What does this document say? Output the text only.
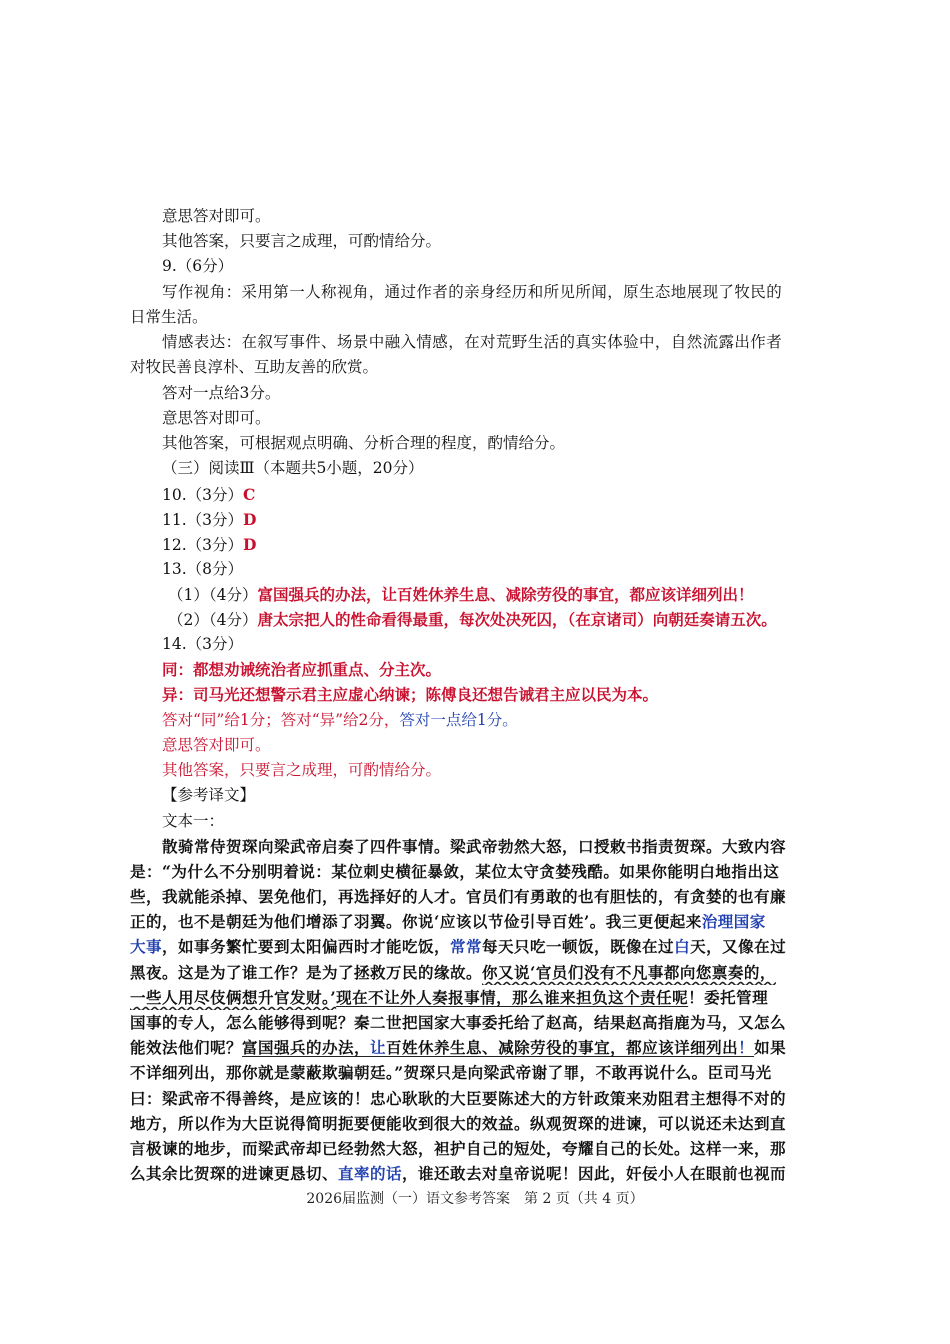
意思答对即可。
其他答案，只要言之成理，可酌情给分。
9.（6分）
写作视角：采用第一人称视角，通过作者的亲身经历和所见所闻，原生态地展现了牧民的
日常生活。
情感表达：在叙写事件、场景中融入情感，在对荒野生活的真实体验中，自然流露出作者
对牧民善良淳朴、互助友善的欣赏。
答对一点给3分。
意思答对即可。
其他答案，可根据观点明确、分析合理的程度，酌情给分。
（三）阅读Ⅲ（本题共5小题，20分）
10.（3分）C
11.（3分）D
12.（3分）D
13.（8分）
（1）（4分）富国强兵的办法，让百姓休养生息、减除劳役的事宜，都应该详细列出！
（2）（4分）唐太宗把人的性命看得最重，每次处决死囚，（在京诸司）向朝廷奏请五次。
14.（3分）
同：都想劝诫统治者应抓重点、分主次。
异：司马光还想警示君主应虚心纳谏；陈傅良还想告诫君主应以民为本。
答对“同”给1分；答对“异”给2分，答对一点给1分。
意思答对即可。
其他答案，只要言之成理，可酌情给分。
【参考译文】
文本一：
散骑常侍贺琛向梁武帝启奏了四件事情。梁武帝勃然大怒，口授敕书指责贺琛。大致内容
是：“为什么不分别明着说：某位刺史横征暴敛，某位太守贪婪残酷。如果你能明白地指出这
些，我就能杀掉、罢免他们，再选择好的人才。官员们有勇敢的也有胆怯的，有贪婪的也有廉
正的，也不是朝廷为他们增添了羽翼。你说‘应该以节俭引导百姓’。我三更便起来治理国家
大事，如事务繁忙要到太阳偏西时才能吃饭，常常每天只吃一顿饭，既像在过白天，又像在过
黑夜。这是为了谁工作？是为了拯救万民的缘故。你又说‘官员们没有不凡事都向您禀奏的，
一些人用尽伎俩想升官发财。’现在不让外人奏报事情，那么谁来担负这个责任呢！委托管理
国事的专人，怎么能够得到呢？秦二世把国家大事委托给了赵高，结果赵高指鹿为马，又怎么
能效法他们呢？富国强兵的办法，让百姓休养生息、减除劳役的事宜，都应该详细列出！如果
不详细列出，那你就是蒙蔽欺骗朝廷。”贺琛只是向梁武帝谢了罪，不敢再说什么。臣司马光
曰：梁武帝不得善终，是应该的！忠心耿耿的大臣要陈述大的方针政策来劝阻君主想得不对的
地方，所以作为大臣说得简明扼要便能收到很大的效益。纵观贺琛的进谏，可以说还未达到直
言极谏的地步，而梁武帝却已经勃然大怒，袒护自己的短处，夸耀自己的长处。这样一来，那
么其余比贺琛的进谏更恳切、直率的话，谁还敢去对皇帝说呢！因此，奸佞小人在眼前也视而
2026届监测（一）语文参考答案　第 2 页（共 4 页）
